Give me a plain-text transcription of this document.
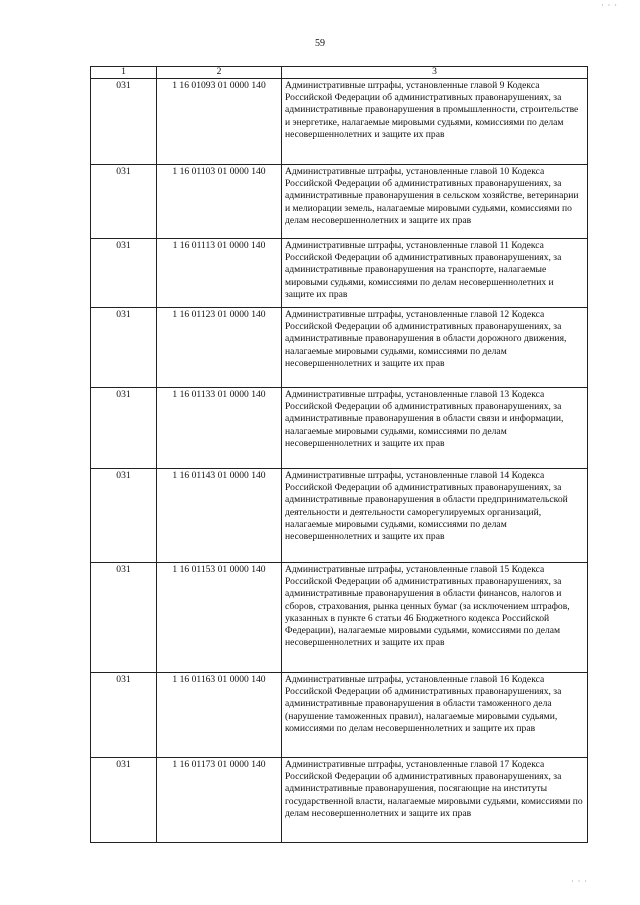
· · ·
59
1	2	3
031	1 16 01093 01 0000 140	Административные штрафы, установленные главой 9 Кодекса Российской Федерации об административных правонарушениях, за административные правонарушения в промышленности, строительстве и энергетике, налагаемые мировыми судьями, комиссиями по делам несовершеннолетних и защите их прав
031	1 16 01103 01 0000 140	Административные штрафы, установленные главой 10 Кодекса Российской Федерации об административных правонарушениях, за административные правонарушения в сельском хозяйстве, ветеринарии и мелиорации земель, налагаемые мировыми судьями, комиссиями по делам несовершеннолетних и защите их прав
031	1 16 01113 01 0000 140	Административные штрафы, установленные главой 11 Кодекса Российской Федерации об административных правонарушениях, за административные правонарушения на транспорте, налагаемые мировыми судьями, комиссиями по делам несовершеннолетних и защите их прав
031	1 16 01123 01 0000 140	Административные штрафы, установленные главой 12 Кодекса Российской Федерации об административных правонарушениях, за административные правонарушения в области дорожного движения, налагаемые мировыми судьями, комиссиями по делам несовершеннолетних и защите их прав
031	1 16 01133 01 0000 140	Административные штрафы, установленные главой 13 Кодекса Российской Федерации об административных правонарушениях, за административные правонарушения в области связи и информации, налагаемые мировыми судьями, комиссиями по делам несовершеннолетних и защите их прав
031	1 16 01143 01 0000 140	Административные штрафы, установленные главой 14 Кодекса Российской Федерации об административных правонарушениях, за административные правонарушения в области предпринимательской деятельности и деятельности саморегулируемых организаций, налагаемые мировыми судьями, комиссиями по делам несовершеннолетних и защите их прав
031	1 16 01153 01 0000 140	Административные штрафы, установленные главой 15 Кодекса Российской Федерации об административных правонарушениях, за административные правонарушения в области финансов, налогов и сборов, страхования, рынка ценных бумаг (за исключением штрафов, указанных в пункте 6 статьи 46 Бюджетного кодекса Российской Федерации), налагаемые мировыми судьями, комиссиями по делам несовершеннолетних и защите их прав
031	1 16 01163 01 0000 140	Административные штрафы, установленные главой 16 Кодекса Российской Федерации об административных правонарушениях, за административные правонарушения в области таможенного дела (нарушение таможенных правил), налагаемые мировыми судьями, комиссиями по делам несовершеннолетних и защите их прав
031	1 16 01173 01 0000 140	Административные штрафы, установленные главой 17 Кодекса Российской Федерации об административных правонарушениях, за административные правонарушения, посягающие на институты государственной власти, налагаемые мировыми судьями, комиссиями по делам несовершеннолетних и защите их прав
· · ·
